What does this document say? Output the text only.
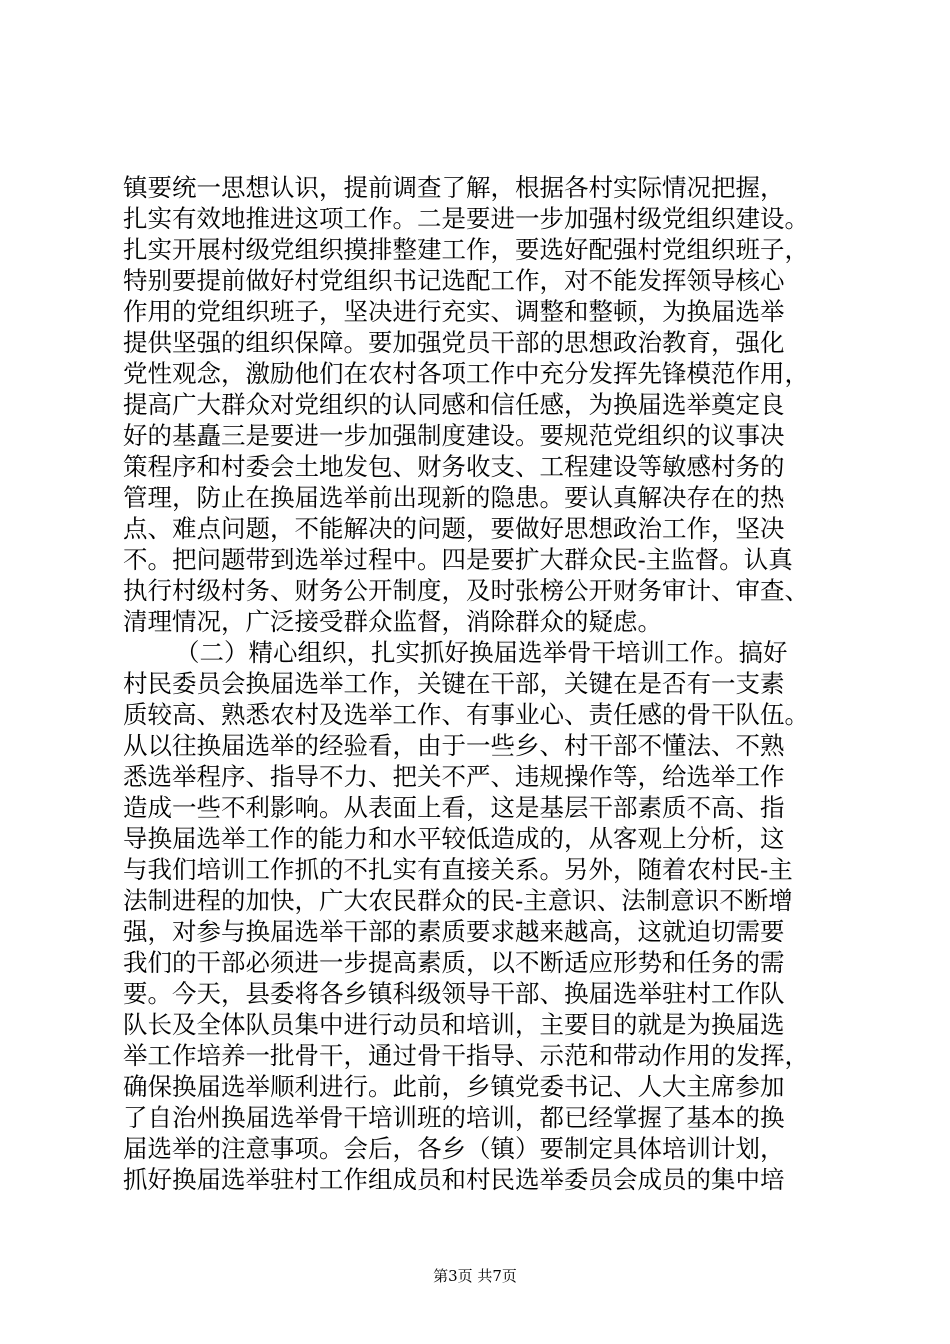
镇要统一思想认识，提前调查了解，根据各村实际情况把握，
扎实有效地推进这项工作。二是要进一步加强村级党组织建设。
扎实开展村级党组织摸排整建工作，要选好配强村党组织班子，
特别要提前做好村党组织书记选配工作，对不能发挥领导核心
作用的党组织班子，坚决进行充实、调整和整顿，为换届选举
提供坚强的组织保障。要加强党员干部的思想政治教育，强化
党性观念，激励他们在农村各项工作中充分发挥先锋模范作用，
提高广大群众对党组织的认同感和信任感，为换届选举奠定良
好的基矗三是要进一步加强制度建设。要规范党组织的议事决
策程序和村委会土地发包、财务收支、工程建设等敏感村务的
管理，防止在换届选举前出现新的隐患。要认真解决存在的热
点、难点问题，不能解决的问题，要做好思想政治工作，坚决
不。把问题带到选举过程中。四是要扩大群众民-主监督。认真
执行村级村务、财务公开制度，及时张榜公开财务审计、审查、
清理情况，广泛接受群众监督，消除群众的疑虑。
（二）精心组织，扎实抓好换届选举骨干培训工作。搞好
村民委员会换届选举工作，关键在干部，关键在是否有一支素
质较高、熟悉农村及选举工作、有事业心、责任感的骨干队伍。
从以往换届选举的经验看，由于一些乡、村干部不懂法、不熟
悉选举程序、指导不力、把关不严、违规操作等，给选举工作
造成一些不利影响。从表面上看，这是基层干部素质不高、指
导换届选举工作的能力和水平较低造成的，从客观上分析，这
与我们培训工作抓的不扎实有直接关系。另外，随着农村民-主
法制进程的加快，广大农民群众的民-主意识、法制意识不断增
强，对参与换届选举干部的素质要求越来越高，这就迫切需要
我们的干部必须进一步提高素质，以不断适应形势和任务的需
要。今天，县委将各乡镇科级领导干部、换届选举驻村工作队
队长及全体队员集中进行动员和培训，主要目的就是为换届选
举工作培养一批骨干，通过骨干指导、示范和带动作用的发挥，
确保换届选举顺利进行。此前，乡镇党委书记、人大主席参加
了自治州换届选举骨干培训班的培训，都已经掌握了基本的换
届选举的注意事项。会后，各乡（镇）要制定具体培训计划，
抓好换届选举驻村工作组成员和村民选举委员会成员的集中培
第3页 共7页
